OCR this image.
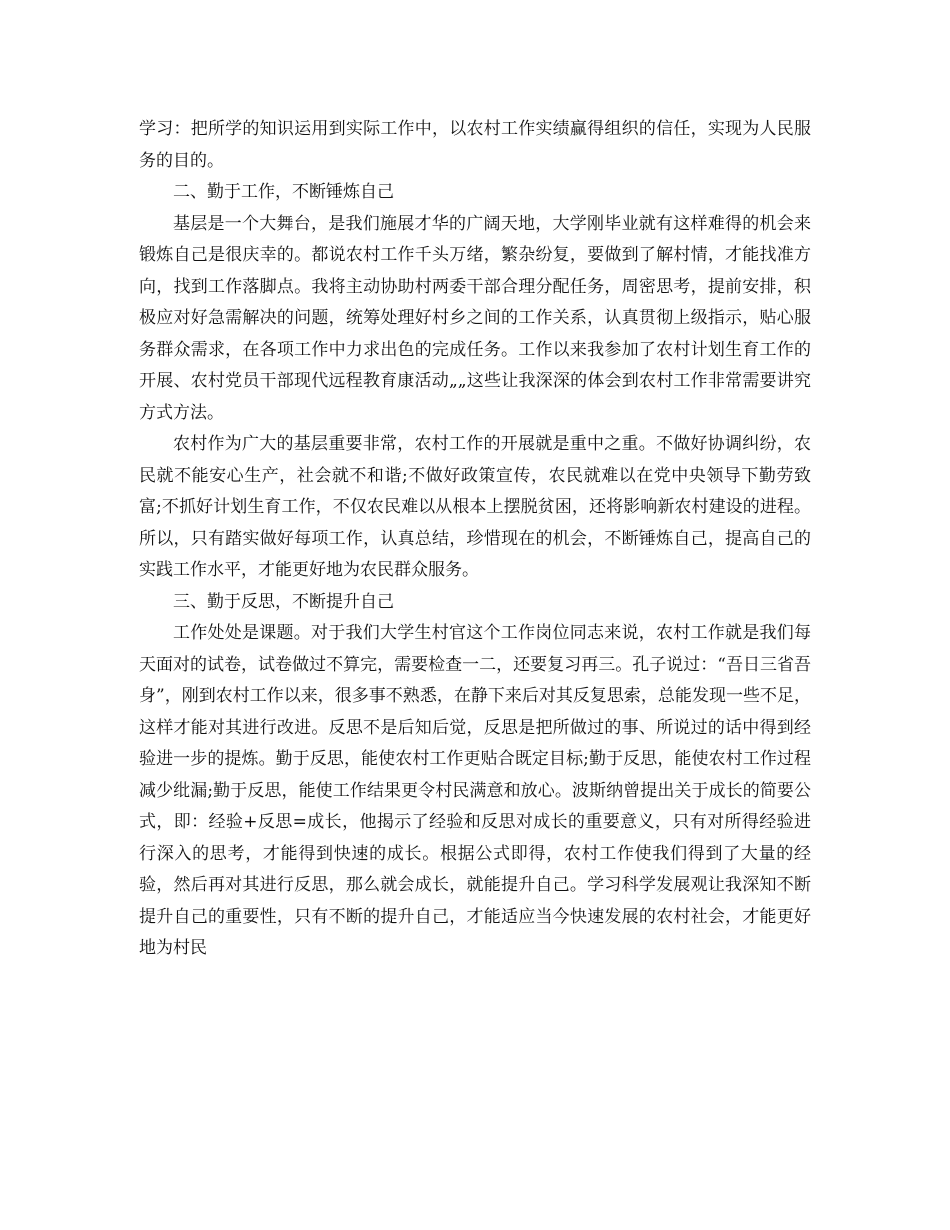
学习：把所学的知识运用到实际工作中，以农村工作实绩赢得组织的信任，实现为人民服务的目的。

二、勤于工作，不断锤炼自己

基层是一个大舞台，是我们施展才华的广阔天地，大学刚毕业就有这样难得的机会来锻炼自己是很庆幸的。都说农村工作千头万绪，繁杂纷复，要做到了解村情，才能找准方向，找到工作落脚点。我将主动协助村两委干部合理分配任务，周密思考，提前安排，积极应对好急需解决的问题，统筹处理好村乡之间的工作关系，认真贯彻上级指示，贴心服务群众需求，在各项工作中力求出色的完成任务。工作以来我参加了农村计划生育工作的开展、农村党员干部现代远程教育康活动„„这些让我深深的体会到农村工作非常需要讲究方式方法。

农村作为广大的基层重要非常，农村工作的开展就是重中之重。不做好协调纠纷，农民就不能安心生产，社会就不和谐;不做好政策宣传，农民就难以在党中央领导下勤劳致富;不抓好计划生育工作，不仅农民难以从根本上摆脱贫困，还将影响新农村建设的进程。所以，只有踏实做好每项工作，认真总结，珍惜现在的机会，不断锤炼自己，提高自己的实践工作水平，才能更好地为农民群众服务。

三、勤于反思，不断提升自己

工作处处是课题。对于我们大学生村官这个工作岗位同志来说，农村工作就是我们每天面对的试卷，试卷做过不算完，需要检查一二，还要复习再三。孔子说过：“吾日三省吾身”，刚到农村工作以来，很多事不熟悉，在静下来后对其反复思索，总能发现一些不足，这样才能对其进行改进。反思不是后知后觉，反思是把所做过的事、所说过的话中得到经验进一步的提炼。勤于反思，能使农村工作更贴合既定目标;勤于反思，能使农村工作过程减少纰漏;勤于反思，能使工作结果更令村民满意和放心。波斯纳曾提出关于成长的简要公式，即：经验+反思=成长，他揭示了经验和反思对成长的重要意义，只有对所得经验进行深入的思考，才能得到快速的成长。根据公式即得，农村工作使我们得到了大量的经验，然后再对其进行反思，那么就会成长，就能提升自己。学习科学发展观让我深知不断提升自己的重要性，只有不断的提升自己，才能适应当今快速发展的农村社会，才能更好地为村民
